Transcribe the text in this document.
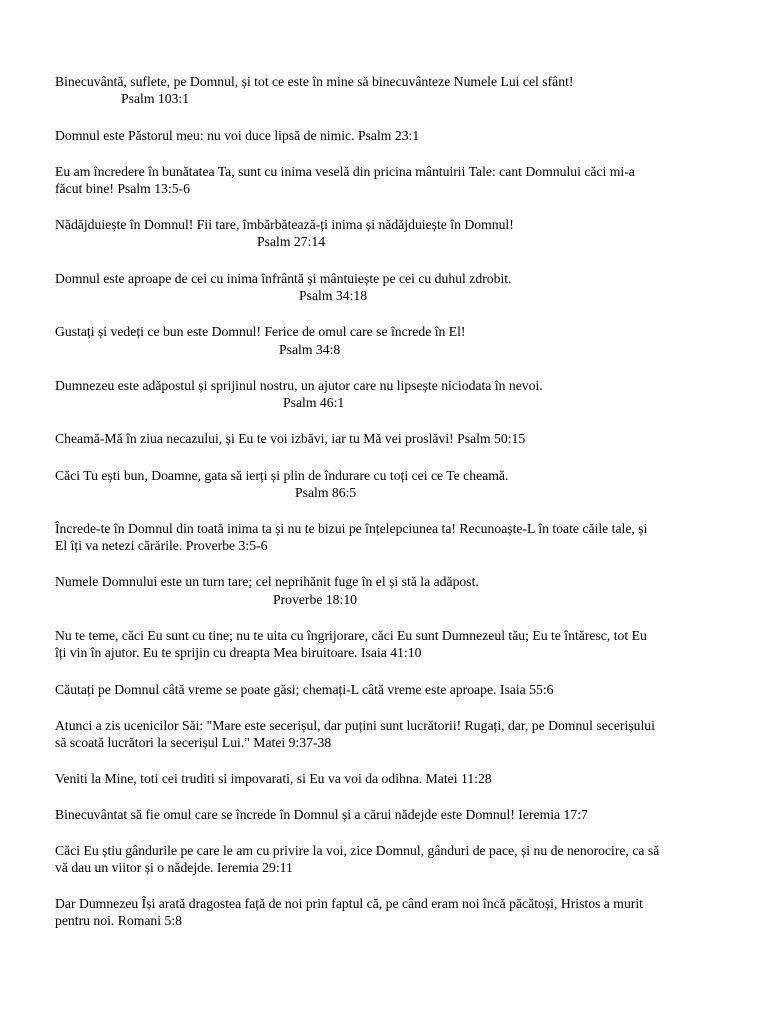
Binecuvântă, suflete, pe Domnul, și tot ce este în mine să binecuvânteze Numele Lui cel sfânt!
Psalm 103:1
Domnul este Păstorul meu: nu voi duce lipsă de nimic. Psalm 23:1
Eu am încredere în bunătatea Ta, sunt cu inima veselă din pricina mântuirii Tale: cant Domnului căci mi-a
făcut bine! Psalm 13:5-6
Nădăjduiește în Domnul! Fii tare, îmbărbătează-ți inima și nădăjduiește în Domnul!
Psalm 27:14
Domnul este aproape de cei cu inima înfrântă și mântuiește pe cei cu duhul zdrobit.
Psalm 34:18
Gustați și vedeți ce bun este Domnul! Ferice de omul care se încrede în El!
Psalm 34:8
Dumnezeu este adăpostul și sprijinul nostru, un ajutor care nu lipsește niciodata în nevoi.
Psalm 46:1
Cheamă-Mă în ziua necazului, și Eu te voi izbăvi, iar tu Mă vei proslăvi! Psalm 50:15
Căci Tu ești bun, Doamne, gata să ierți și plin de îndurare cu toți cei ce Te cheamă.
Psalm 86:5
Încrede-te în Domnul din toată inima ta și nu te bizui pe înțelepciunea ta! Recunoaște-L în toate căile tale, și
El îți va netezi cărările. Proverbe 3:5-6
Numele Domnului este un turn tare; cel neprihănit fuge în el și stă la adăpost.
Proverbe 18:10
Nu te teme, căci Eu sunt cu tine; nu te uita cu îngrijorare, căci Eu sunt Dumnezeul tău; Eu te întăresc, tot Eu
îți vin în ajutor. Eu te sprijin cu dreapta Mea biruitoare. Isaia 41:10
Căutați pe Domnul câtă vreme se poate găsi; chemați-L câtă vreme este aproape. Isaia 55:6
Atunci a zis ucenicilor Săi: "Mare este secerișul, dar puțini sunt lucrătorii! Rugați, dar, pe Domnul secerișului
să scoată lucrători la secerișul Lui." Matei 9:37-38
Veniti la Mine, toti cei truditi si impovarati, si Eu va voi da odihna. Matei 11:28
Binecuvântat să fie omul care se încrede în Domnul și a cărui nădejde este Domnul! Ieremia 17:7
Căci Eu știu gândurile pe care le am cu privire la voi, zice Domnul, gânduri de pace, și nu de nenorocire, ca să
vă dau un viitor și o nădejde. Ieremia 29:11
Dar Dumnezeu Își arată dragostea față de noi prin faptul că, pe când eram noi încă păcătoși, Hristos a murit
pentru noi. Romani 5:8
